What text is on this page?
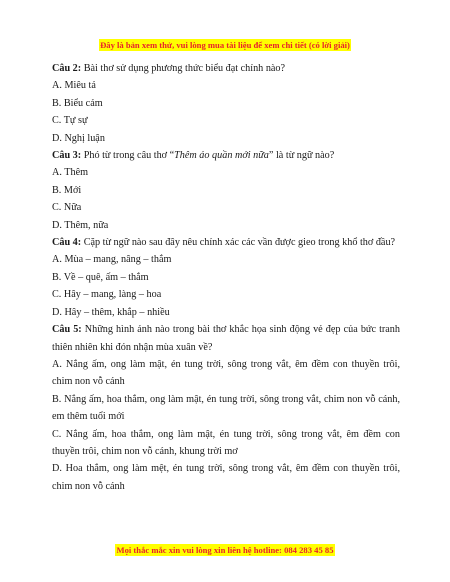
Đây là bản xem thử, vui lòng mua tài liệu để xem chi tiết (có lời giải)
Câu 2: Bài thơ sử dụng phương thức biểu đạt chính nào?
A. Miêu tả
B. Biểu cảm
C. Tự sự
D. Nghị luận
Câu 3: Phó từ trong câu thơ “Thêm áo quần mới nữa” là từ ngữ nào?
A. Thêm
B. Mới
C. Nữa
D. Thêm, nữa
Câu 4: Cặp từ ngữ nào sau đây nêu chính xác các vần được gieo trong khổ thơ đầu?
A. Mùa – mang, nâng – thắm
B. Về – quê, ấm – thắm
C. Hây – mang, làng – hoa
D. Hây – thêm, khắp – nhiều
Câu 5: Những hình ảnh nào trong bài thơ khắc họa sinh động vẻ đẹp của bức tranh thiên nhiên khi đón nhận mùa xuân về?
A. Nắng ấm, ong làm mật, én tung trời, sông trong vắt, êm đềm con thuyền trôi, chim non vỗ cánh
B. Nắng ấm, hoa thắm, ong làm mật, én tung trời, sông trong vắt, chim non vỗ cánh, em thêm tuổi mới
C. Nắng ấm, hoa thắm, ong làm mật, én tung trời, sông trong vắt, êm đềm con thuyền trôi, chim non vỗ cánh, khung trời mơ
D. Hoa thắm, ong làm mệt, én tung trời, sông trong vắt, êm đềm con thuyền trôi, chim non vỗ cánh
Mọi thắc mắc xin vui lòng xin liên hệ hotline: 084 283 45 85
